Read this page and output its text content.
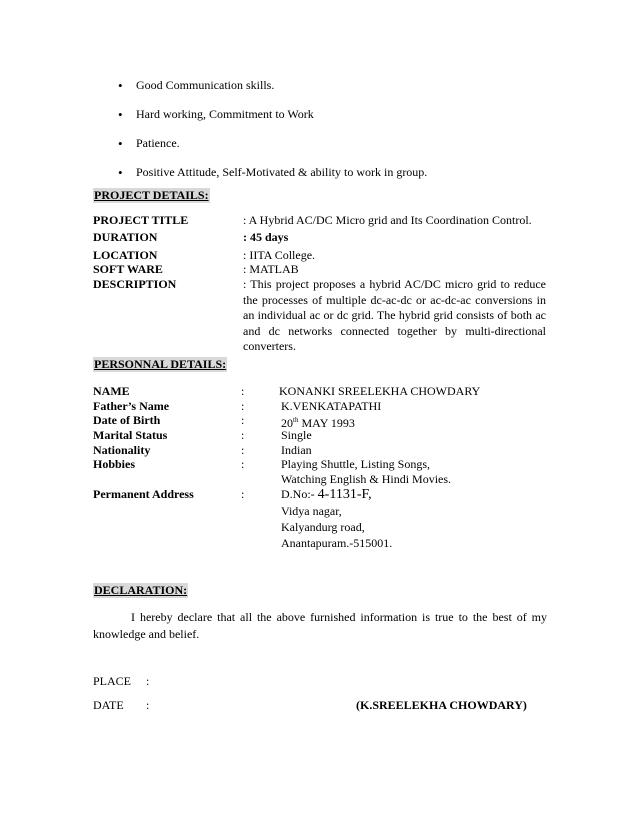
• Good Communication skills.
• Hard working, Commitment to Work
• Patience.
• Positive Attitude, Self-Motivated & ability to work in group.
PROJECT DETAILS:
PROJECT TITLE	: A Hybrid AC/DC Micro grid and Its Coordination Control.
DURATION	: 45 days
LOCATION	: IITA College.
SOFT WARE	: MATLAB
DESCRIPTION	: This project proposes a hybrid AC/DC micro grid to reduce the processes of multiple dc-ac-dc or ac-dc-ac conversions in an individual ac or dc grid. The hybrid grid consists of both ac and dc networks connected together by multi-directional converters.
PERSONNAL DETAILS:
NAME	:	KONANKI SREELEKHA CHOWDARY
Father’s Name	:	K.VENKATAPATHI
Date of Birth	:	20th MAY 1993
Marital Status	:	Single
Nationality	:	Indian
Hobbies	:	Playing Shuttle, Listing Songs,
Watching English & Hindi Movies.
Permanent Address	:	D.No:- 4-1131-F,
Vidya nagar,
Kalyandurg road,
Anantapuram.-515001.
DECLARATION:
I hereby declare that all the above furnished information is true to the best of my knowledge and belief.
PLACE :
DATE :	(K.SREELEKHA CHOWDARY)
